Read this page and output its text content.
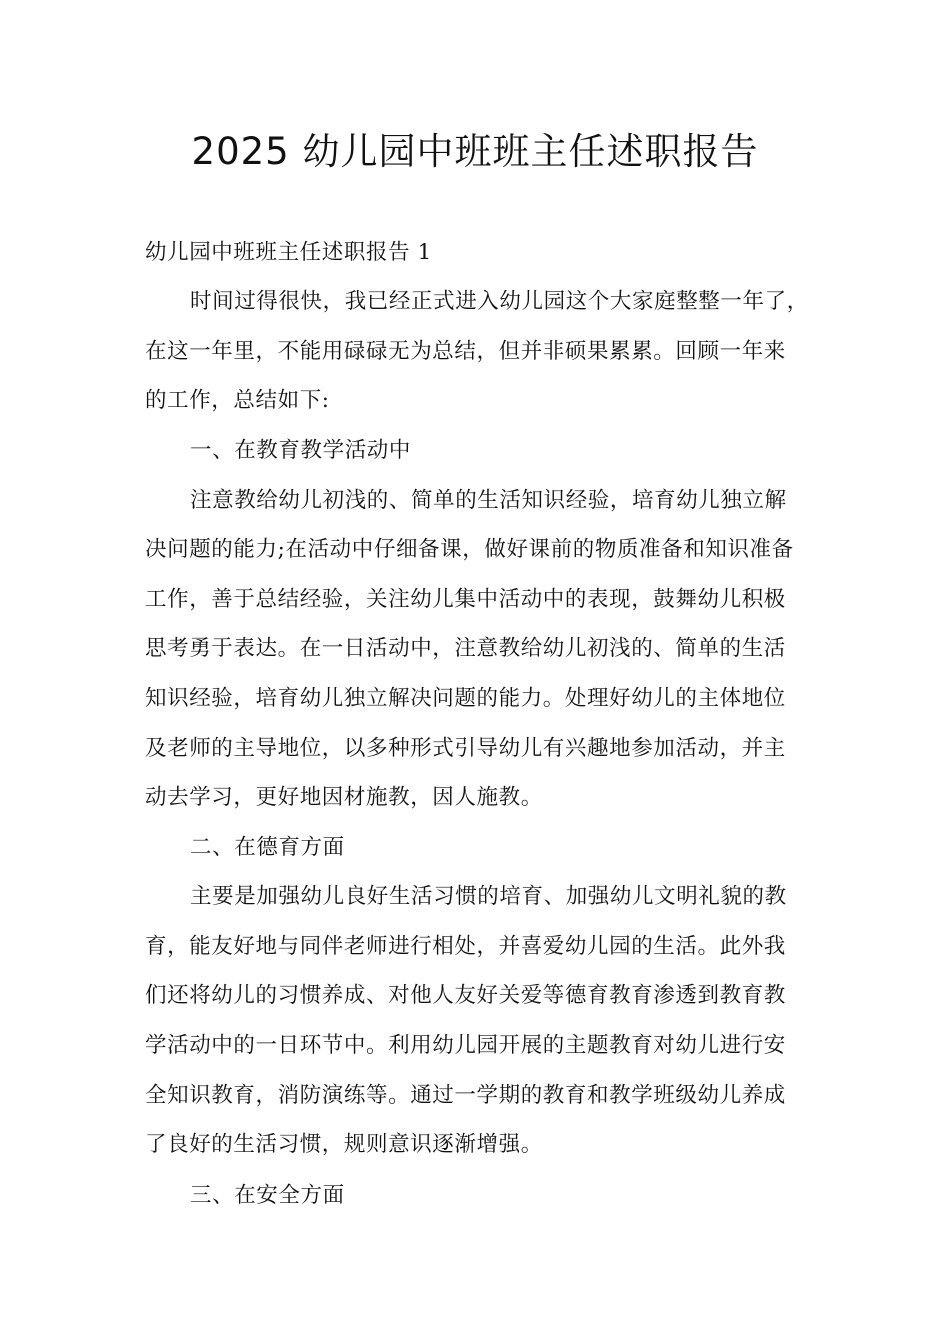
2025 幼儿园中班班主任述职报告
幼儿园中班班主任述职报告 1
时间过得很快，我已经正式进入幼儿园这个大家庭整整一年了，
在这一年里，不能用碌碌无为总结，但并非硕果累累。回顾一年来
的工作，总结如下:
一、在教育教学活动中
注意教给幼儿初浅的、简单的生活知识经验，培育幼儿独立解
决问题的能力;在活动中仔细备课，做好课前的物质准备和知识准备
工作，善于总结经验，关注幼儿集中活动中的表现，鼓舞幼儿积极
思考勇于表达。在一日活动中，注意教给幼儿初浅的、简单的生活
知识经验，培育幼儿独立解决问题的能力。处理好幼儿的主体地位
及老师的主导地位，以多种形式引导幼儿有兴趣地参加活动，并主
动去学习，更好地因材施教，因人施教。
二、在德育方面
主要是加强幼儿良好生活习惯的培育、加强幼儿文明礼貌的教
育，能友好地与同伴老师进行相处，并喜爱幼儿园的生活。此外我
们还将幼儿的习惯养成、对他人友好关爱等德育教育渗透到教育教
学活动中的一日环节中。利用幼儿园开展的主题教育对幼儿进行安
全知识教育，消防演练等。通过一学期的教育和教学班级幼儿养成
了良好的生活习惯，规则意识逐渐增强。
三、在安全方面
